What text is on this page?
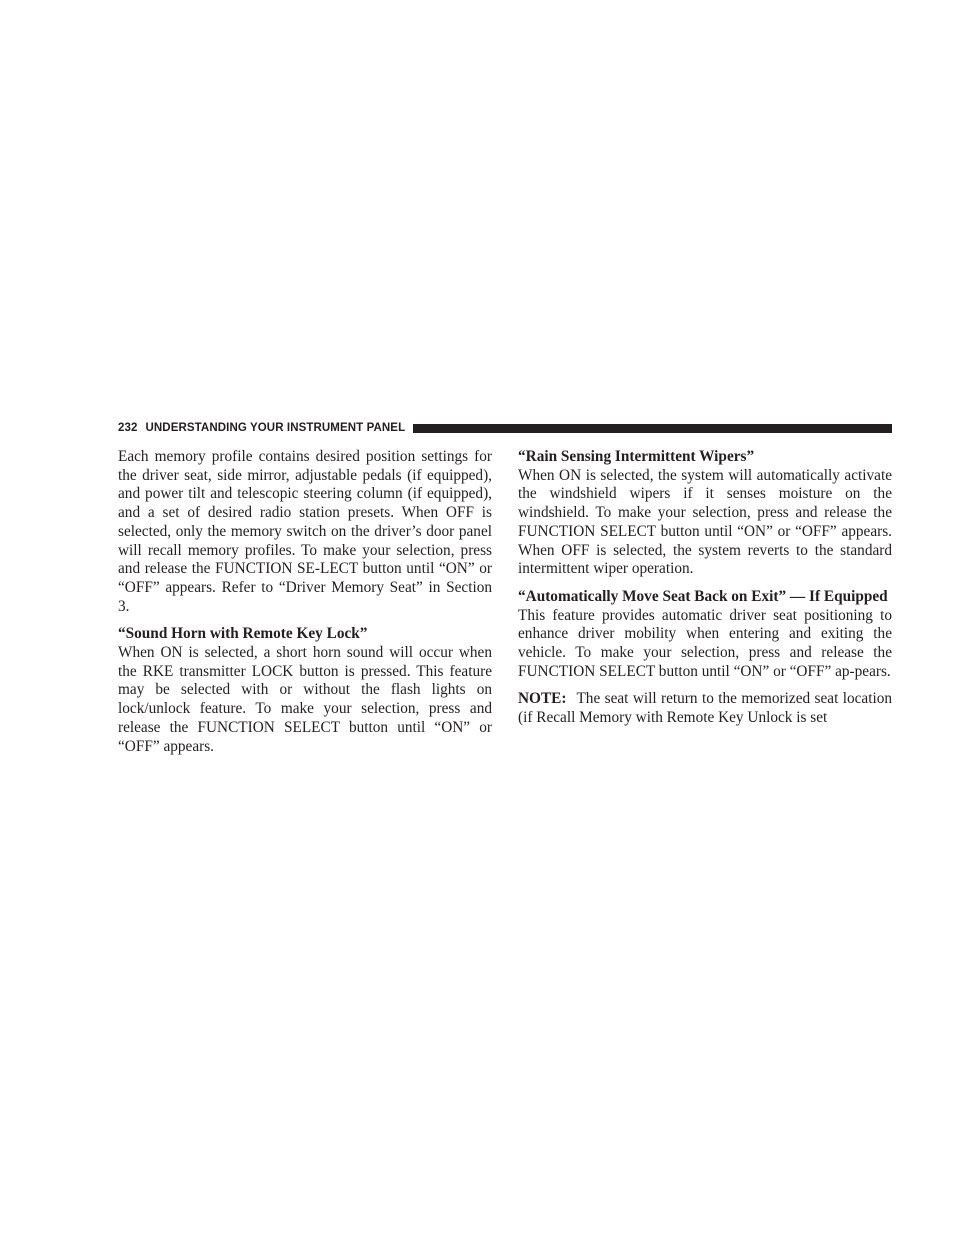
232 UNDERSTANDING YOUR INSTRUMENT PANEL

Each memory profile contains desired position settings for the driver seat, side mirror, adjustable pedals (if equipped), and power tilt and telescopic steering column (if equipped), and a set of desired radio station presets. When OFF is selected, only the memory switch on the driver’s door panel will recall memory profiles. To make your selection, press and release the FUNCTION SE-LECT button until “ON” or “OFF” appears. Refer to “Driver Memory Seat” in Section 3.

“Sound Horn with Remote Key Lock”

When ON is selected, a short horn sound will occur when the RKE transmitter LOCK button is pressed. This feature may be selected with or without the flash lights on lock/unlock feature. To make your selection, press and release the FUNCTION SELECT button until “ON” or “OFF” appears.

“Rain Sensing Intermittent Wipers”

When ON is selected, the system will automatically activate the windshield wipers if it senses moisture on the windshield. To make your selection, press and release the FUNCTION SELECT button until “ON” or “OFF” appears. When OFF is selected, the system reverts to the standard intermittent wiper operation.

“Automatically Move Seat Back on Exit” — If Equipped

This feature provides automatic driver seat positioning to enhance driver mobility when entering and exiting the vehicle. To make your selection, press and release the FUNCTION SELECT button until “ON” or “OFF” ap-pears.

NOTE: The seat will return to the memorized seat location (if Recall Memory with Remote Key Unlock is set
